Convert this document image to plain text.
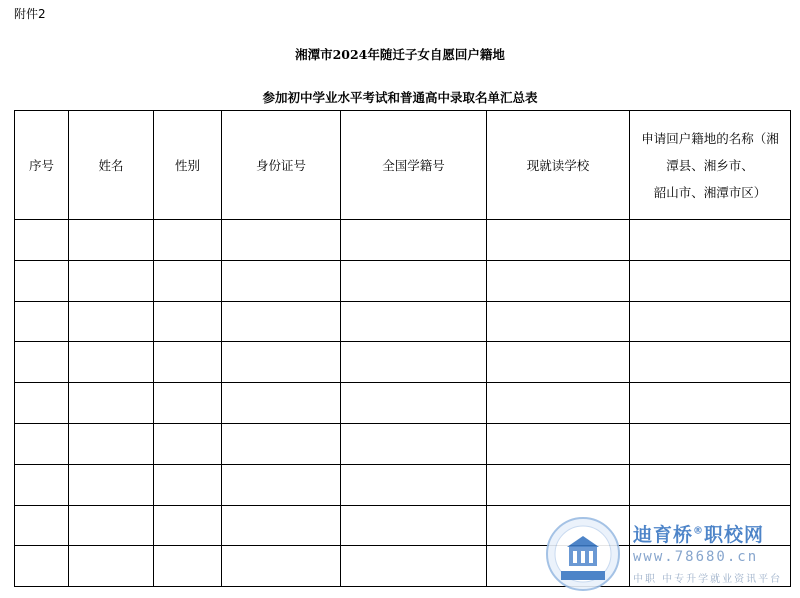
附件2
湘潭市2024年随迁子女自愿回户籍地
参加初中学业水平考试和普通高中录取名单汇总表
序号	姓名	性别	身份证号	全国学籍号	现就读学校	申请回户籍地的名称（湘
潭县、湘乡市、
韶山市、湘潭市区）

迪育桥®职校网
www.78680.cn
中职 中专升学就业资讯平台
